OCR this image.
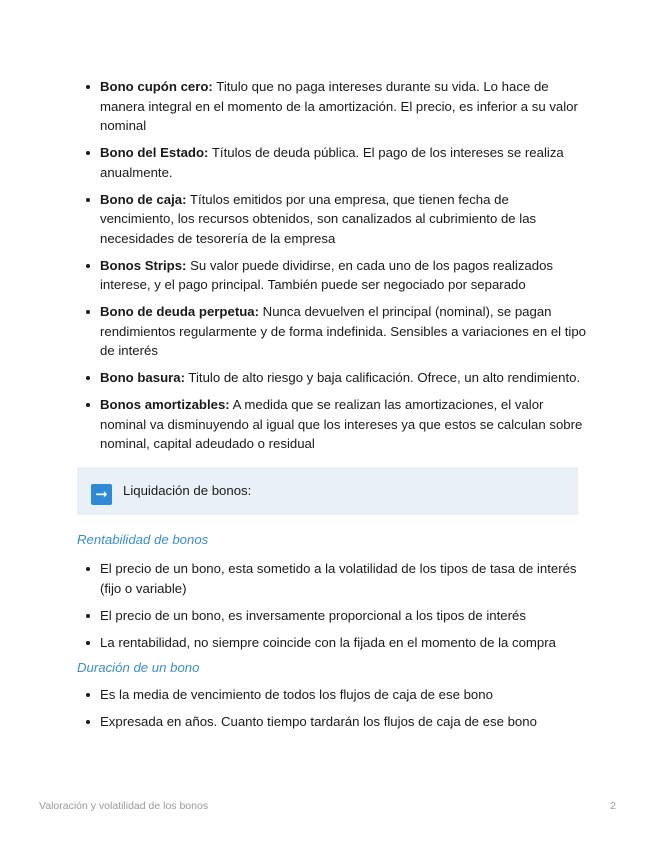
Bono cupón cero: Titulo que no paga intereses durante su vida. Lo hace de manera integral en el momento de la amortización. El precio, es inferior a su valor nominal
Bono del Estado: Títulos de deuda pública. El pago de los intereses se realiza anualmente.
Bono de caja: Títulos emitidos por una empresa, que tienen fecha de vencimiento, los recursos obtenidos, son canalizados al cubrimiento de las necesidades de tesorería de la empresa
Bonos Strips: Su valor puede dividirse, en cada uno de los pagos realizados interese, y el pago principal. También puede ser negociado por separado
Bono de deuda perpetua: Nunca devuelven el principal (nominal), se pagan rendimientos regularmente y de forma indefinida. Sensibles a variaciones en el tipo de interés
Bono basura: Titulo de alto riesgo y baja calificación. Ofrece, un alto rendimiento.
Bonos amortizables: A medida que se realizan las amortizaciones, el valor nominal va disminuyendo al igual que los intereses ya que estos se calculan sobre nominal, capital adeudado o residual
➞	Liquidación de bonos:
Rentabilidad de bonos
El precio de un bono, esta sometido a la volatilidad de los tipos de tasa de interés (fijo o variable)
El precio de un bono, es inversamente proporcional a los tipos de interés
La rentabilidad, no siempre coincide con la fijada en el momento de la compra
Duración de un bono
Es la media de vencimiento de todos los flujos de caja de ese bono
Expresada en años. Cuanto tiempo tardarán los flujos de caja de ese bono
Valoración y volatilidad de los bonos	2
